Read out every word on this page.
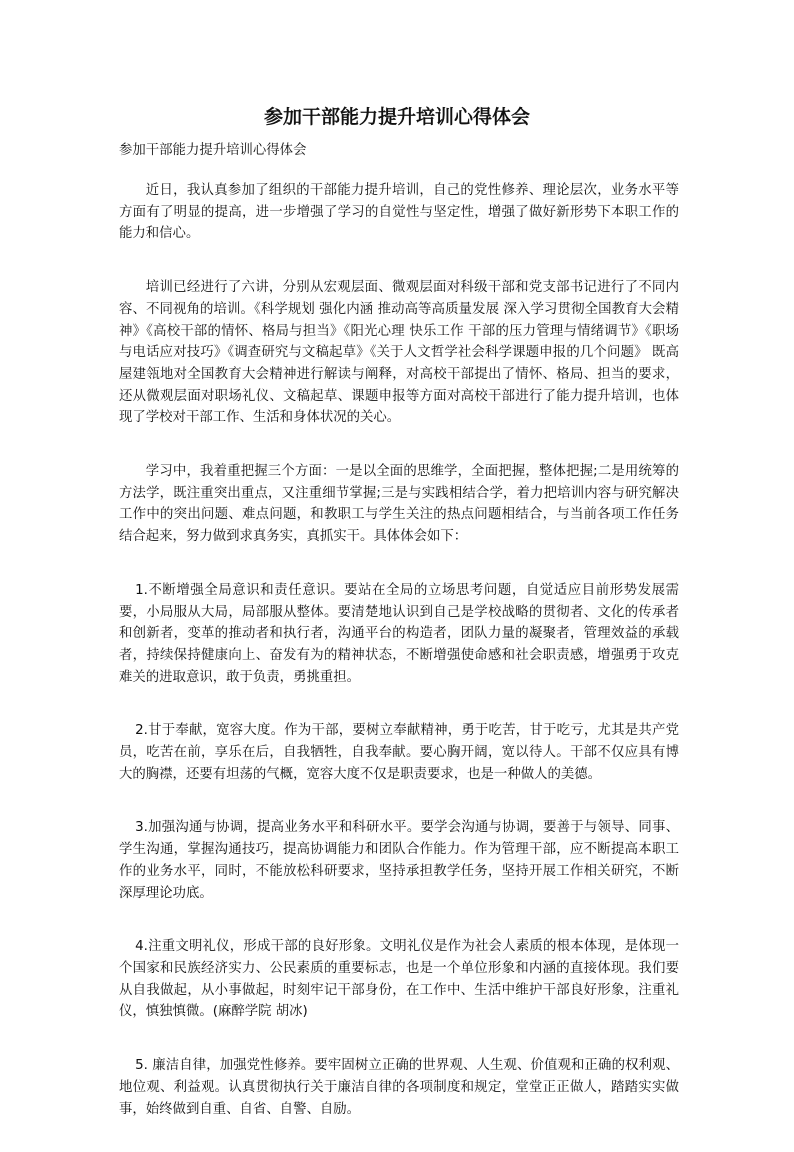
参加干部能力提升培训心得体会

参加干部能力提升培训心得体会

近日，我认真参加了组织的干部能力提升培训，自己的党性修养、理论层次，业务水平等方面有了明显的提高，进一步增强了学习的自觉性与坚定性，增强了做好新形势下本职工作的能力和信心。

培训已经进行了六讲，分别从宏观层面、微观层面对科级干部和党支部书记进行了不同内容、不同视角的培训。《科学规划 强化内涵 推动高等高质量发展 深入学习贯彻全国教育大会精神》《高校干部的情怀、格局与担当》《阳光心理 快乐工作 干部的压力管理与情绪调节》《职场与电话应对技巧》《调查研究与文稿起草》《关于人文哲学社会科学课题申报的几个问题》 既高屋建瓴地对全国教育大会精神进行解读与阐释，对高校干部提出了情怀、格局、担当的要求，还从微观层面对职场礼仪、文稿起草、课题申报等方面对高校干部进行了能力提升培训，也体现了学校对干部工作、生活和身体状况的关心。

学习中，我着重把握三个方面：一是以全面的思维学，全面把握，整体把握;二是用统筹的方法学，既注重突出重点，又注重细节掌握;三是与实践相结合学，着力把培训内容与研究解决工作中的突出问题、难点问题，和教职工与学生关注的热点问题相结合，与当前各项工作任务结合起来，努力做到求真务实，真抓实干。具体体会如下：

1.不断增强全局意识和责任意识。要站在全局的立场思考问题，自觉适应目前形势发展需要，小局服从大局，局部服从整体。要清楚地认识到自己是学校战略的贯彻者、文化的传承者和创新者，变革的推动者和执行者，沟通平台的构造者，团队力量的凝聚者，管理效益的承载者，持续保持健康向上、奋发有为的精神状态，不断增强使命感和社会职责感，增强勇于攻克难关的进取意识，敢于负责，勇挑重担。

2.甘于奉献，宽容大度。作为干部，要树立奉献精神，勇于吃苦，甘于吃亏，尤其是共产党员，吃苦在前，享乐在后，自我牺牲，自我奉献。要心胸开阔，宽以待人。干部不仅应具有博大的胸襟，还要有坦荡的气概，宽容大度不仅是职责要求，也是一种做人的美德。

3.加强沟通与协调，提高业务水平和科研水平。要学会沟通与协调，要善于与领导、同事、学生沟通，掌握沟通技巧，提高协调能力和团队合作能力。作为管理干部，应不断提高本职工作的业务水平，同时，不能放松科研要求，坚持承担教学任务，坚持开展工作相关研究，不断深厚理论功底。

4.注重文明礼仪，形成干部的良好形象。文明礼仪是作为社会人素质的根本体现，是体现一个国家和民族经济实力、公民素质的重要标志，也是一个单位形象和内涵的直接体现。我们要从自我做起，从小事做起，时刻牢记干部身份，在工作中、生活中维护干部良好形象，注重礼仪，慎独慎微。(麻醉学院 胡冰)

5. 廉洁自律，加强党性修养。要牢固树立正确的世界观、人生观、价值观和正确的权利观、地位观、利益观。认真贯彻执行关于廉洁自律的各项制度和规定，堂堂正正做人，踏踏实实做事，始终做到自重、自省、自警、自励。
